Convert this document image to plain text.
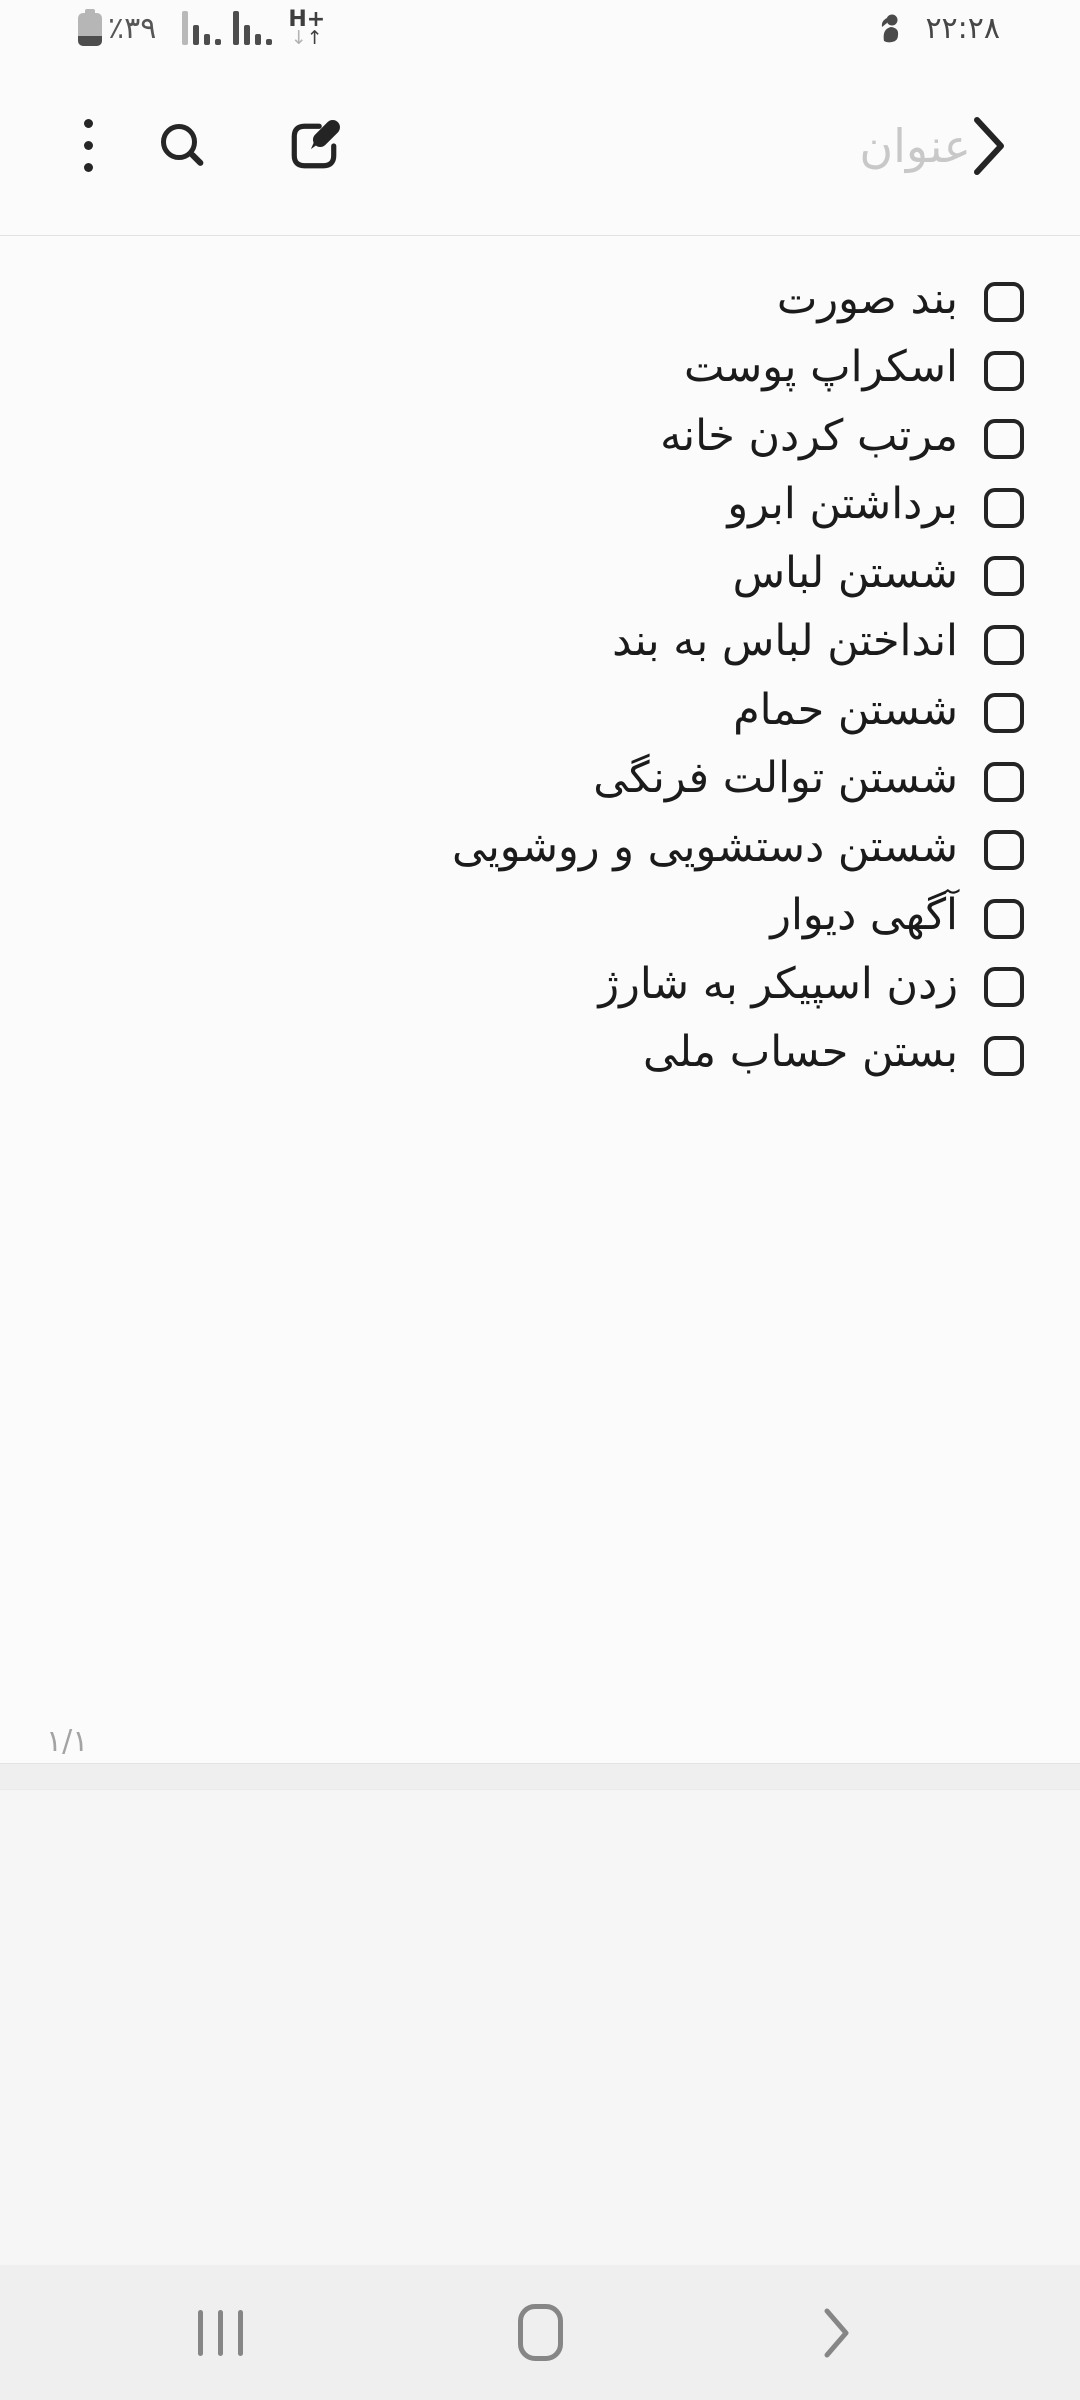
٪۳۹	H+
↓↑	۲۲:۲۸
عنوان
بند صورت
اسکراپ پوست
مرتب کردن خانه
برداشتن ابرو
شستن لباس
انداختن لباس به بند
شستن حمام
شستن توالت فرنگی
شستن دستشویی و روشویی
آگهی دیوار
زدن اسپیکر به شارژ
بستن حساب ملی
۱/۱
